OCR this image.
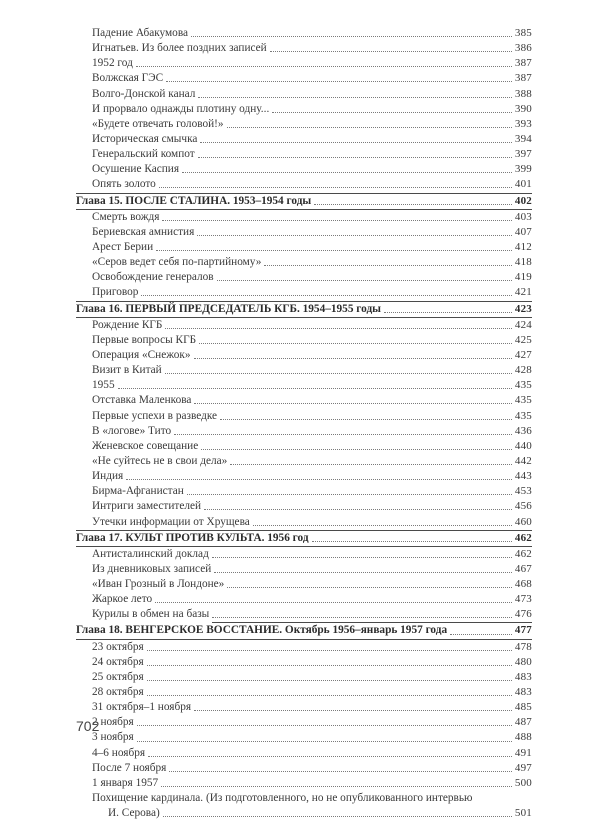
Падение Абакумова	385
Игнатьев. Из более поздних записей	386
1952 год	387
Волжская ГЭС	387
Волго-Донской канал	388
И прорвало однажды плотину одну...	390
«Будете отвечать головой!»	393
Историческая смычка	394
Генеральский компот	397
Осушение Каспия	399
Опять золото	401
Глава 15. ПОСЛЕ СТАЛИНА. 1953–1954 годы	402
Смерть вождя	403
Бериевская амнистия	407
Арест Берии	412
«Серов ведет себя по-партийному»	418
Освобождение генералов	419
Приговор	421
Глава 16. ПЕРВЫЙ ПРЕДСЕДАТЕЛЬ КГБ. 1954–1955 годы	423
Рождение КГБ	424
Первые вопросы КГБ	425
Операция «Снежок»	427
Визит в Китай	428
1955	435
Отставка Маленкова	435
Первые успехи в разведке	435
В «логове» Тито	436
Женевское совещание	440
«Не суйтесь не в свои дела»	442
Индия	443
Бирма-Афганистан	453
Интриги заместителей	456
Утечки информации от Хрущева	460
Глава 17. КУЛЬТ ПРОТИВ КУЛЬТА. 1956 год	462
Антисталинский доклад	462
Из дневниковых записей	467
«Иван Грозный в Лондоне»	468
Жаркое лето	473
Курилы в обмен на базы	476
Глава 18. ВЕНГЕРСКОЕ ВОССТАНИЕ. Октябрь 1956–январь 1957 года	477
23 октября	478
24 октября	480
25 октября	483
28 октября	483
31 октября–1 ноября	485
2 ноября	487
3 ноября	488
4–6 ноября	491
После 7 ноября	497
1 января 1957	500
Похищение кардинала. (Из подготовленного, но не опубликованного интервью
И. Серова)	501
702
